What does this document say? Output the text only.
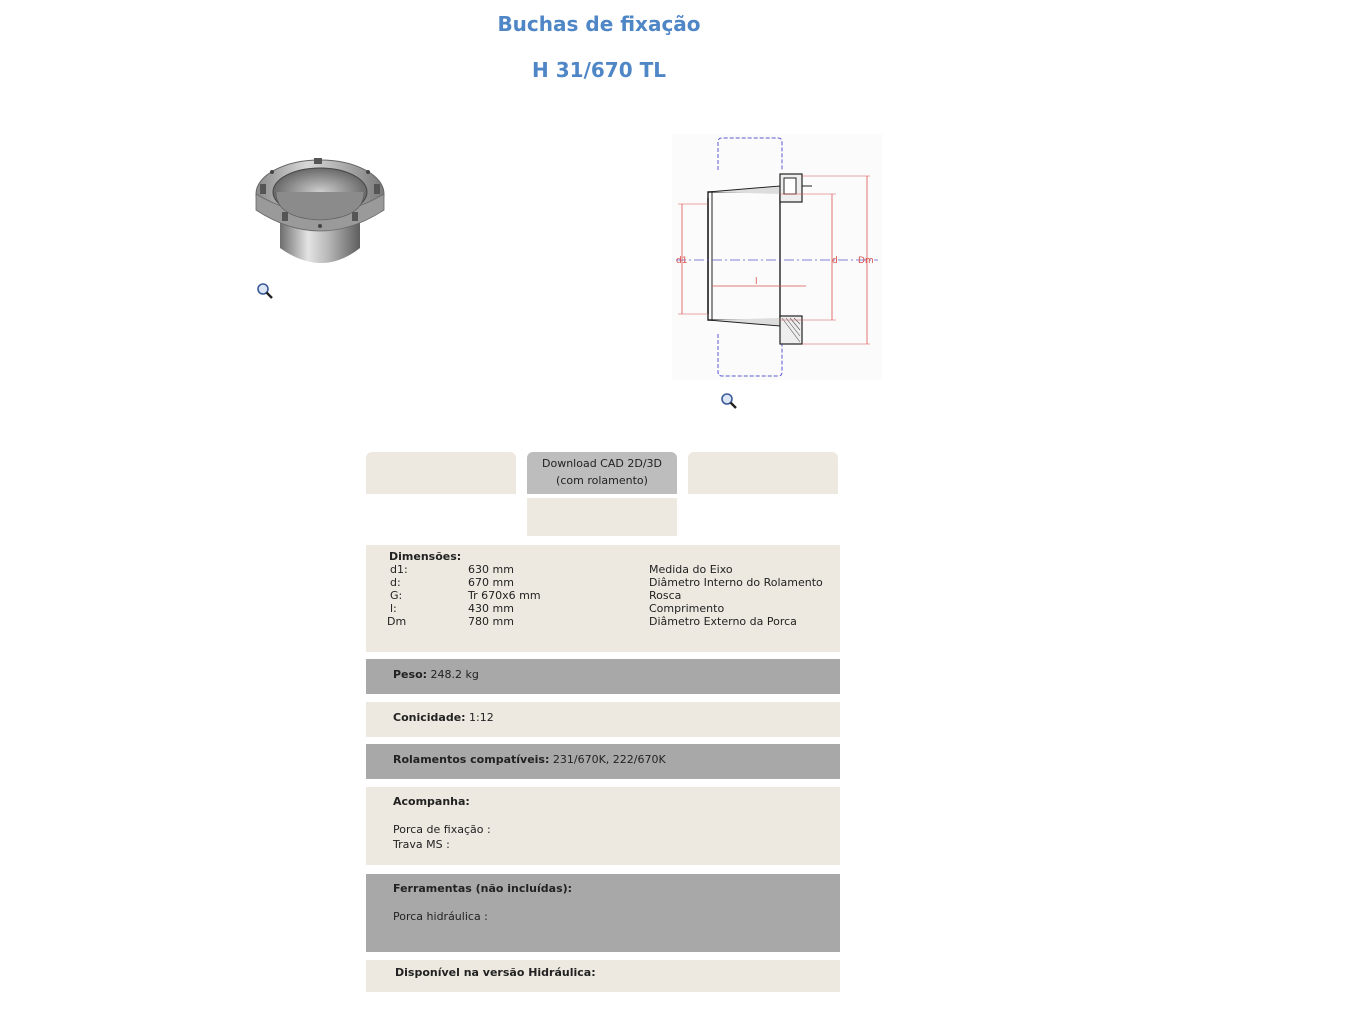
Buchas de fixação
H 31/670 TL
d1	d Dm
l
Download CAD 2D/3D
(com rolamento)
Dimensões:
d1:	630 mm	Medida do Eixo
d:	670 mm	Diâmetro Interno do Rolamento
G:	Tr 670x6 mm	Rosca
l:	430 mm	Comprimento
Dm	780 mm	Diâmetro Externo da Porca
Peso: 248.2 kg
Conicidade: 1:12
Rolamentos compatíveis: 231/670K, 222/670K
Acompanha:
Porca de fixação :
Trava MS :
Ferramentas (não incluídas):
Porca hidráulica :
Disponível na versão Hidráulica:
